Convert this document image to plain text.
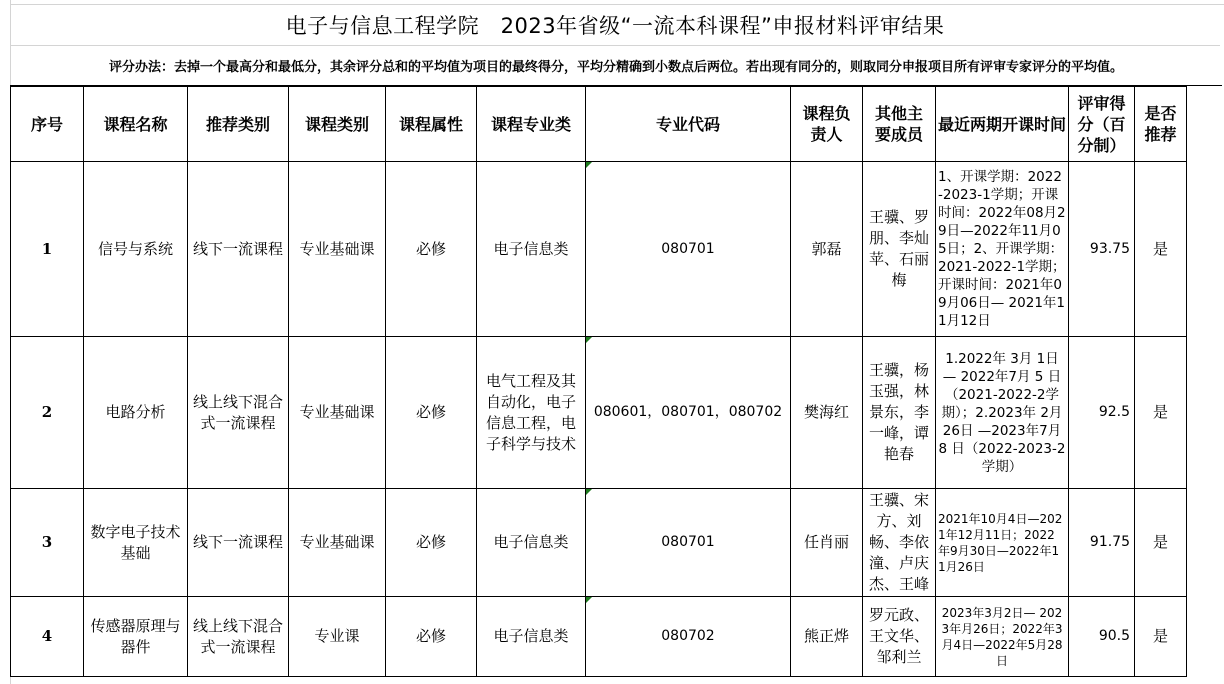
电子与信息工程学院　2023年省级“一流本科课程”申报材料评审结果
评分办法：去掉一个最高分和最低分，其余评分总和的平均值为项目的最终得分，平均分精确到小数点后两位。若出现有同分的，则取同分申报项目所有评审专家评分的平均值。
序号	课程名称	推荐类别	课程类别	课程属性	课程专业类	专业代码	课程负责人	其他主要成员	最近两期开课时间	评审得分（百分制）	是否推荐
1	信号与系统	线下一流课程	专业基础课	必修	电子信息类	080701	郭磊	王骥、罗朋、李灿苹、石丽梅	1、开课学期：2022-2023-1学期；开课时间：2022年08月29日—2022年11月05日；2、开课学期：2021-2022-1学期；开课时间：2021年09月06日— 2021年11月12日	93.75	是
2	电路分析	线上线下混合式一流课程	专业基础课	必修	电气工程及其自动化，电子信息工程，电子科学与技术	080601，080701，080702	樊海红	王骥，杨玉强，林景东，李一峰，谭艳春	1.2022年 3月 1日 — 2022年7月 5 日（2021-2022-2学期）；2.2023年 2月26日 —2023年7月 8 日（2022-2023-2学期）	92.5	是
3	数字电子技术基础	线下一流课程	专业基础课	必修	电子信息类	080701	任肖丽	王骥、宋方、刘畅、李依潼、卢庆杰、王峰	2021年10月4日—2021年12月11日；2022年9月30日—2022年11月26日	91.75	是
4	传感器原理与器件	线上线下混合式一流课程	专业课	必修	电子信息类	080702	熊正烨	罗元政、王文华、邹利兰	2023年3月2日— 2023年月26日；2022年3月4日—2022年5月28日	90.5	是
